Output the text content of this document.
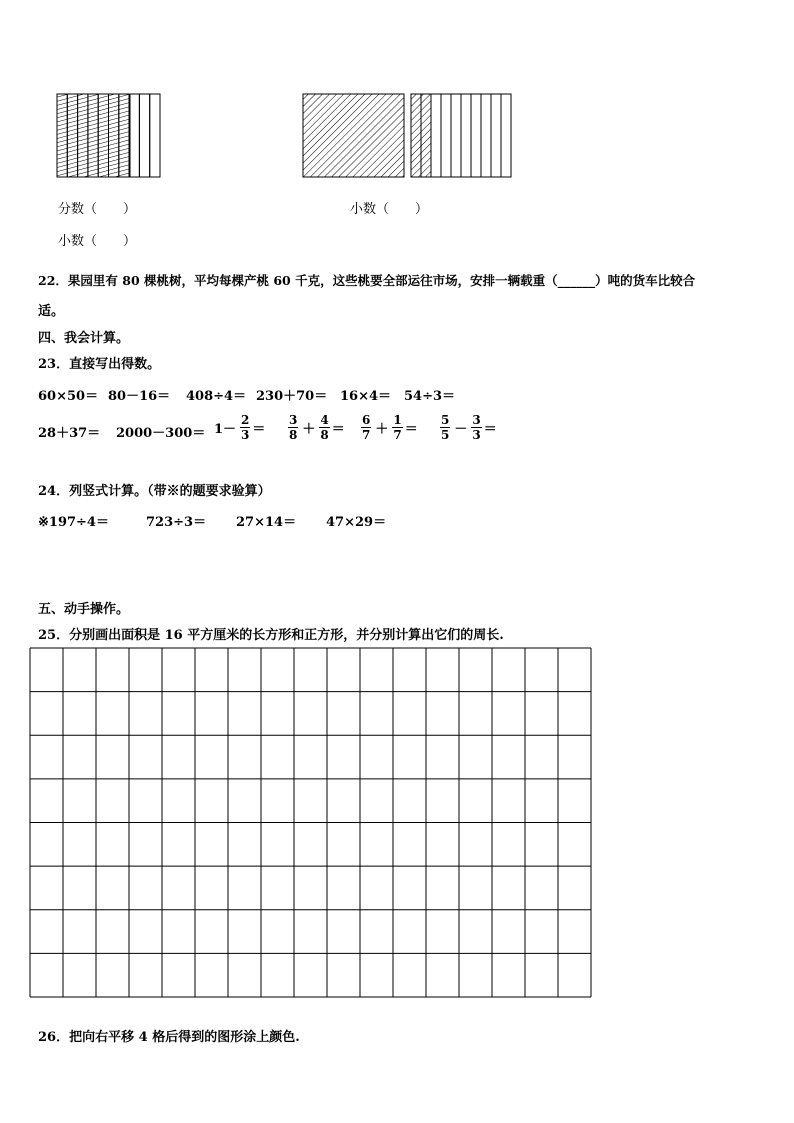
分数（　　）	小数（　　）
小数（　　）
22．果园里有 80 棵桃树，平均每棵产桃 60 千克，这些桃要全部运往市场，安排一辆载重（______）吨的货车比较合
适。
四、我会计算。
23．直接写出得数。
60×50＝ 80－16＝ 408÷4＝ 230＋70＝ 16×4＝ 54÷3＝
$28+37= 2000-300= 1- \frac{2}{3} = \frac{3}{8} + \frac{4}{8} = \frac{6}{7} + \frac{1}{7} = \frac{5}{5} - \frac{3}{3}$ ＝
24．列竖式计算。（带※的题要求验算）
※197÷4＝	723÷3＝ 27×14＝ 47×29＝
五、动手操作。
25．分别画出面积是 16 平方厘米的长方形和正方形，并分别计算出它们的周长.
26．把向右平移 4 格后得到的图形涂上颜色.
